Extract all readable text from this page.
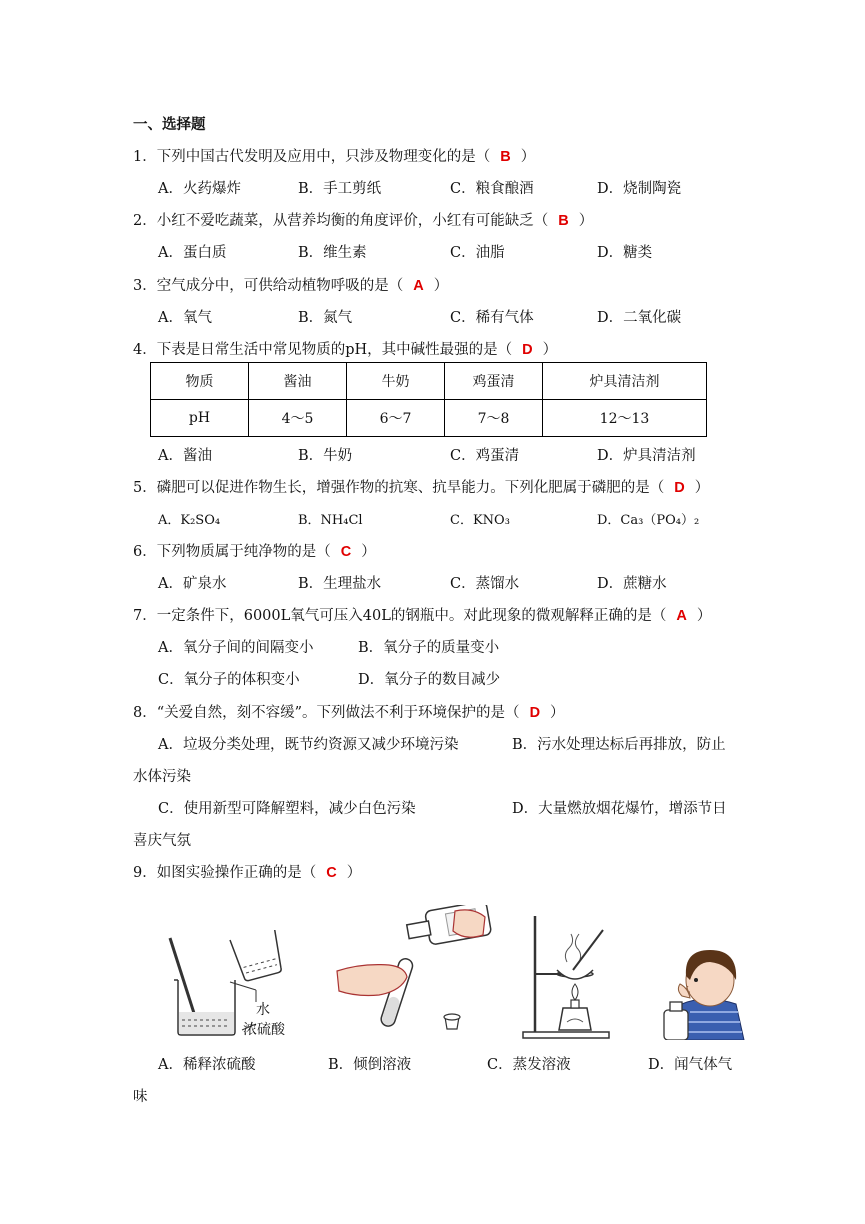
一、选择题
1．下列中国古代发明及应用中，只涉及物理变化的是（ B ）
A．火药爆炸	B．手工剪纸	C．粮食酿酒	D．烧制陶瓷
2．小红不爱吃蔬菜，从营养均衡的角度评价，小红有可能缺乏（ B ）
A．蛋白质	B．维生素	C．油脂	D．糖类
3．空气成分中，可供给动植物呼吸的是（ A ）
A．氧气	B．氮气	C．稀有气体	D．二氧化碳
4．下表是日常生活中常见物质的pH，其中碱性最强的是（ D ）
物质	酱油	牛奶	鸡蛋清	炉具清洁剂
pH	4～5	6～7	7～8	12～13
A．酱油	B．牛奶	C．鸡蛋清	D．炉具清洁剂
5．磷肥可以促进作物生长，增强作物的抗寒、抗旱能力。下列化肥属于磷肥的是（ D ）
A．K₂SO₄	B．NH₄Cl	C．KNO₃	D．Ca₃（PO₄）₂
6．下列物质属于纯净物的是（ C ）
A．矿泉水	B．生理盐水	C．蒸馏水	D．蔗糖水
7．一定条件下，6000L氧气可压入40L的钢瓶中。对此现象的微观解释正确的是（ A ）
A．氧分子间的间隔变小	B．氧分子的质量变小
C．氧分子的体积变小	D．氧分子的数目减少
8．“关爱自然，刻不容缓”。下列做法不利于环境保护的是（ D ）
A．垃圾分类处理，既节约资源又减少环境污染	B．污水处理达标后再排放，防止
水体污染
C．使用新型可降解塑料，减少白色污染	D．大量燃放烟花爆竹，增添节日
喜庆气氛
9．如图实验操作正确的是（ C ）
水
浓硫酸
A．稀释浓硫酸	B．倾倒溶液	C．蒸发溶液	D．闻气体气
味
